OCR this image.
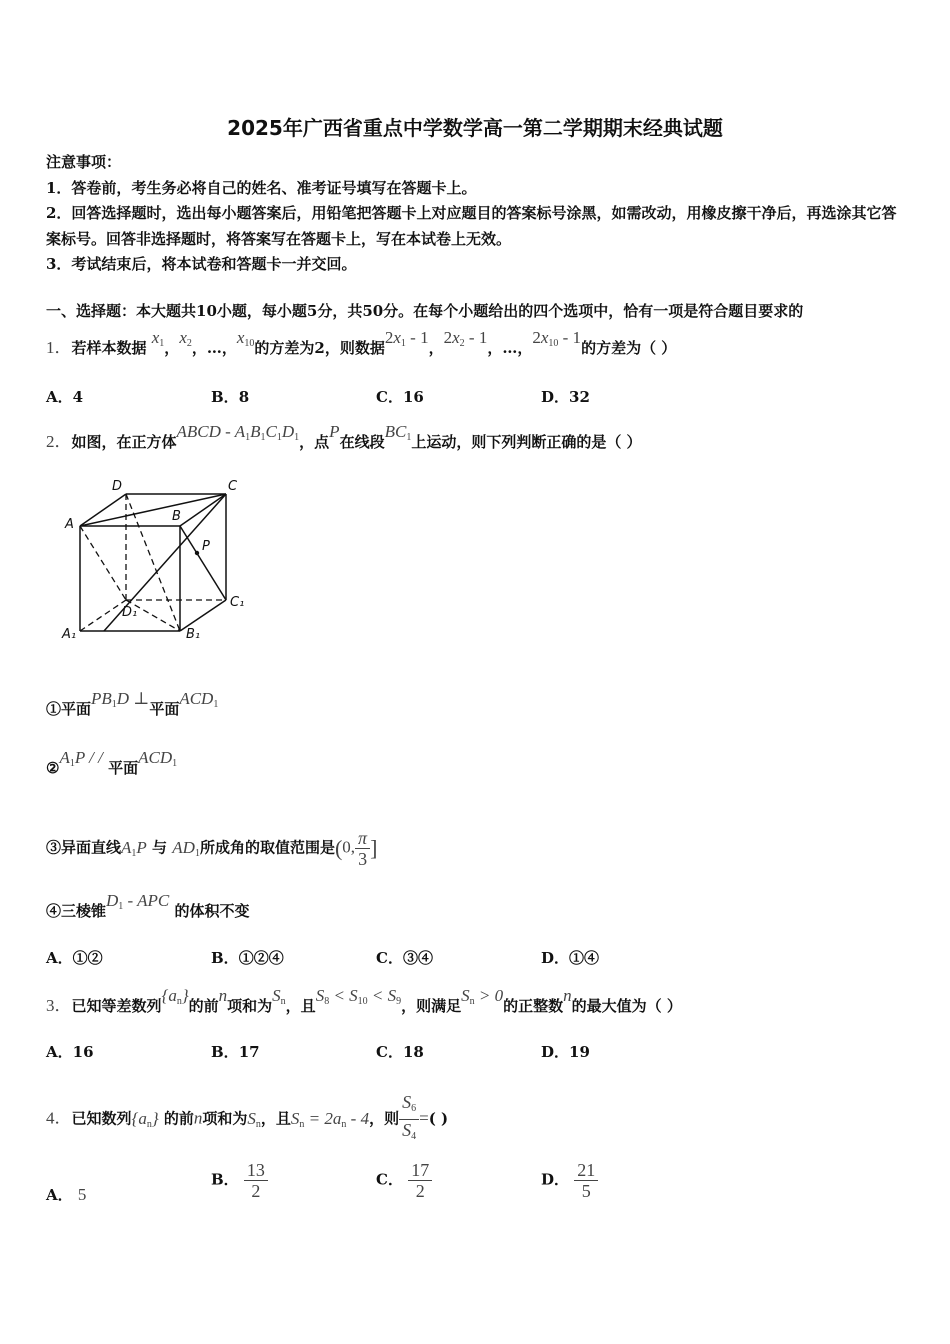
2025年广西省重点中学数学高一第二学期期末经典试题
注意事项：
1．答卷前，考生务必将自己的姓名、准考证号填写在答题卡上。
2．回答选择题时，选出每小题答案后，用铅笔把答题卡上对应题目的答案标号涂黑，如需改动，用橡皮擦干净后，再选涂其它答案标号。回答非选择题时，将答案写在答题卡上，写在本试卷上无效。
3．考试结束后，将本试卷和答题卡一并交回。
一、选择题：本大题共10小题，每小题5分，共50分。在每个小题给出的四个选项中，恰有一项是符合题目要求的
1．若样本数据 $x_1$，$x_2$，…，$x_{10}$的方差为2，则数据$2x_1 - 1$，$2x_2 - 1$，…，$2x_{10} - 1$的方差为（ ）
A．4	B．8	C．16	D．32
2．如图，在正方体ABCD - $A_1B_1C_1D_1$，点P在线段$BC_1$上运动，则下列判断正确的是（ ）
D	C
A
B
P
D₁
C₁
A₁	B₁
①平面$PB_1D$ ⊥平面$ACD_1$
$②A_1P$ / / 平面$ACD_1$
③异面直线$A_1P$ 与 $AD_1$所成角的取值范围是(0, $\frac{\pi}{3}$ ]
④三棱锥$D_1$ - APC 的体积不变
A．①②	B．①②④	C．③④	D．①④
3．已知等差数列$\{a_n\}$的前n项和为$S_n$，且$S_8 < S_{10} < S_9$，则满足$S_n > 0$的正整数n的最大值为（ ）
A．16	B．17	C．18	D．19
4．已知数列$\{a_n\}$ 的前n项和为$S_n$，且$S_n = 2a_n - 4$，则 $\frac{S_6}{S_4}$ =( )
A． 5
B． $\frac{13}{2}$	C． $\frac{17}{2}$	D． $\frac{21}{5}$
